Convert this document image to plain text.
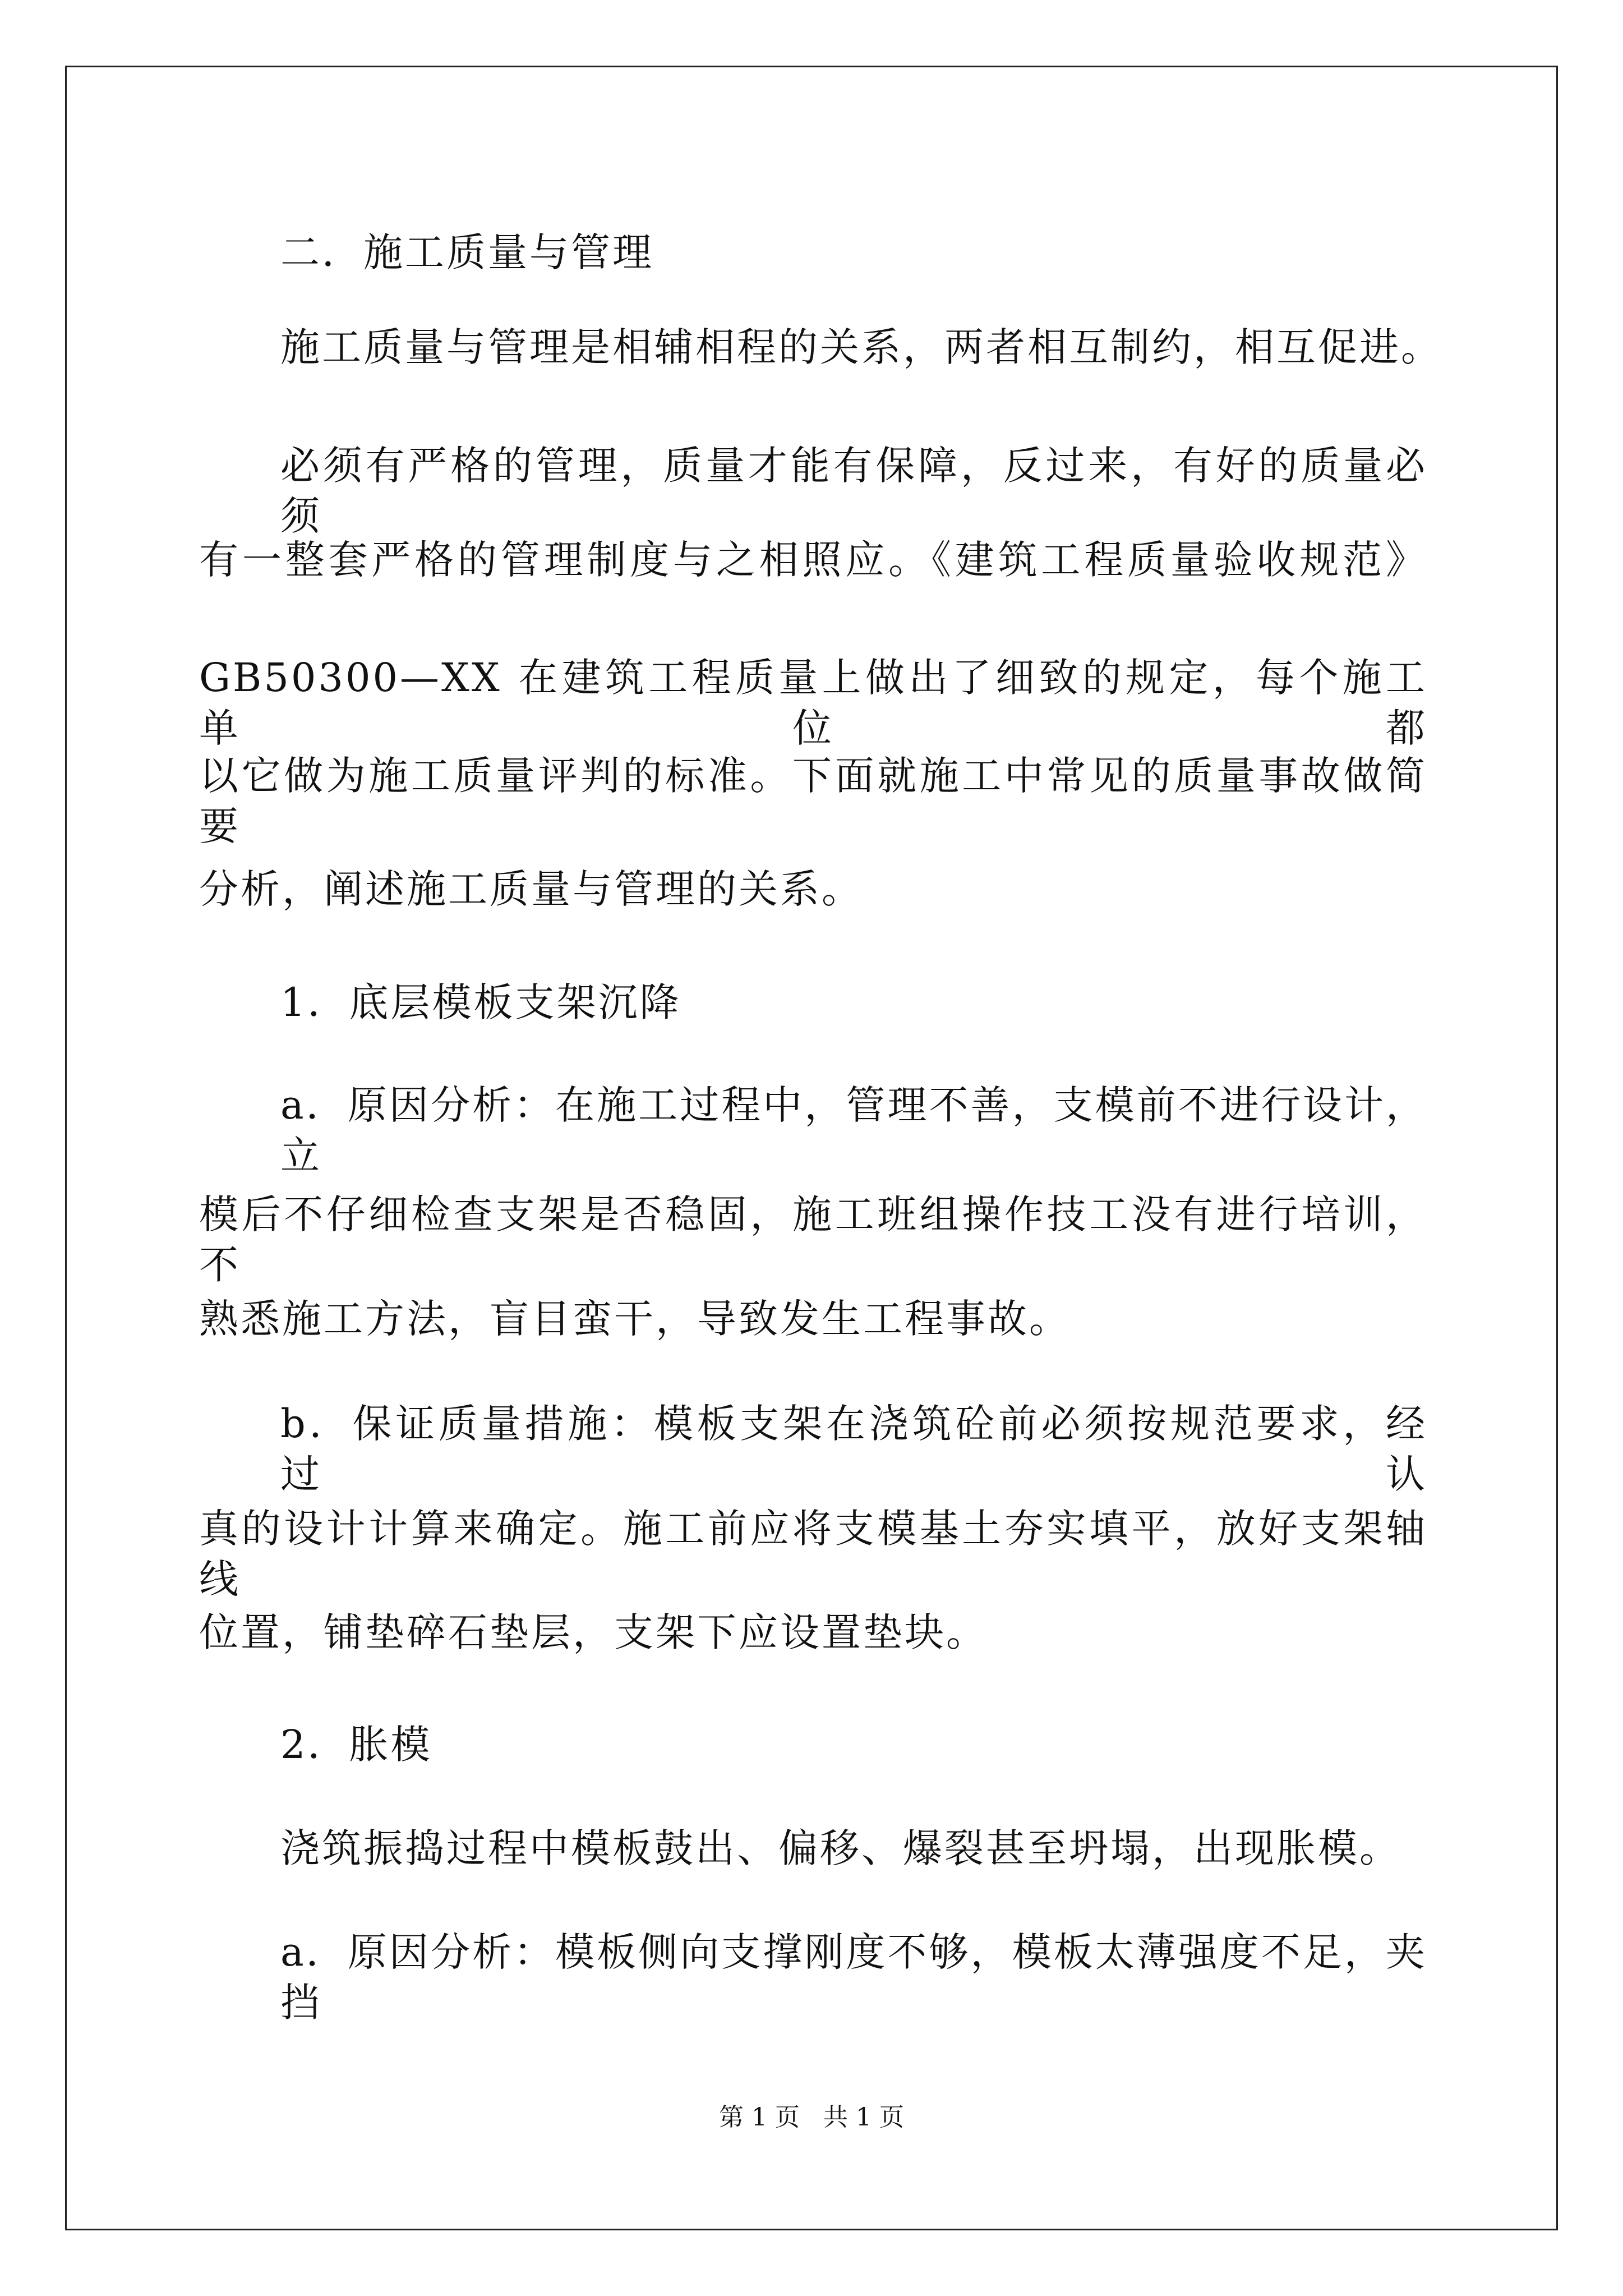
二．施工质量与管理
施工质量与管理是相辅相程的关系，两者相互制约，相互促进。
必须有严格的管理，质量才能有保障，反过来，有好的质量必须
有一整套严格的管理制度与之相照应。《建筑工程质量验收规范》
GB50300—XX 在建筑工程质量上做出了细致的规定，每个施工单位都
以它做为施工质量评判的标准。下面就施工中常见的质量事故做简要
分析，阐述施工质量与管理的关系。
1．底层模板支架沉降
a．原因分析：在施工过程中，管理不善，支模前不进行设计，立
模后不仔细检查支架是否稳固，施工班组操作技工没有进行培训，不
熟悉施工方法，盲目蛮干，导致发生工程事故。
b．保证质量措施：模板支架在浇筑砼前必须按规范要求，经过认
真的设计计算来确定。施工前应将支模基土夯实填平，放好支架轴线
位置，铺垫碎石垫层，支架下应设置垫块。
2．胀模
浇筑振捣过程中模板鼓出、偏移、爆裂甚至坍塌，出现胀模。
a．原因分析：模板侧向支撑刚度不够，模板太薄强度不足，夹挡
第 1 页   共 1 页
